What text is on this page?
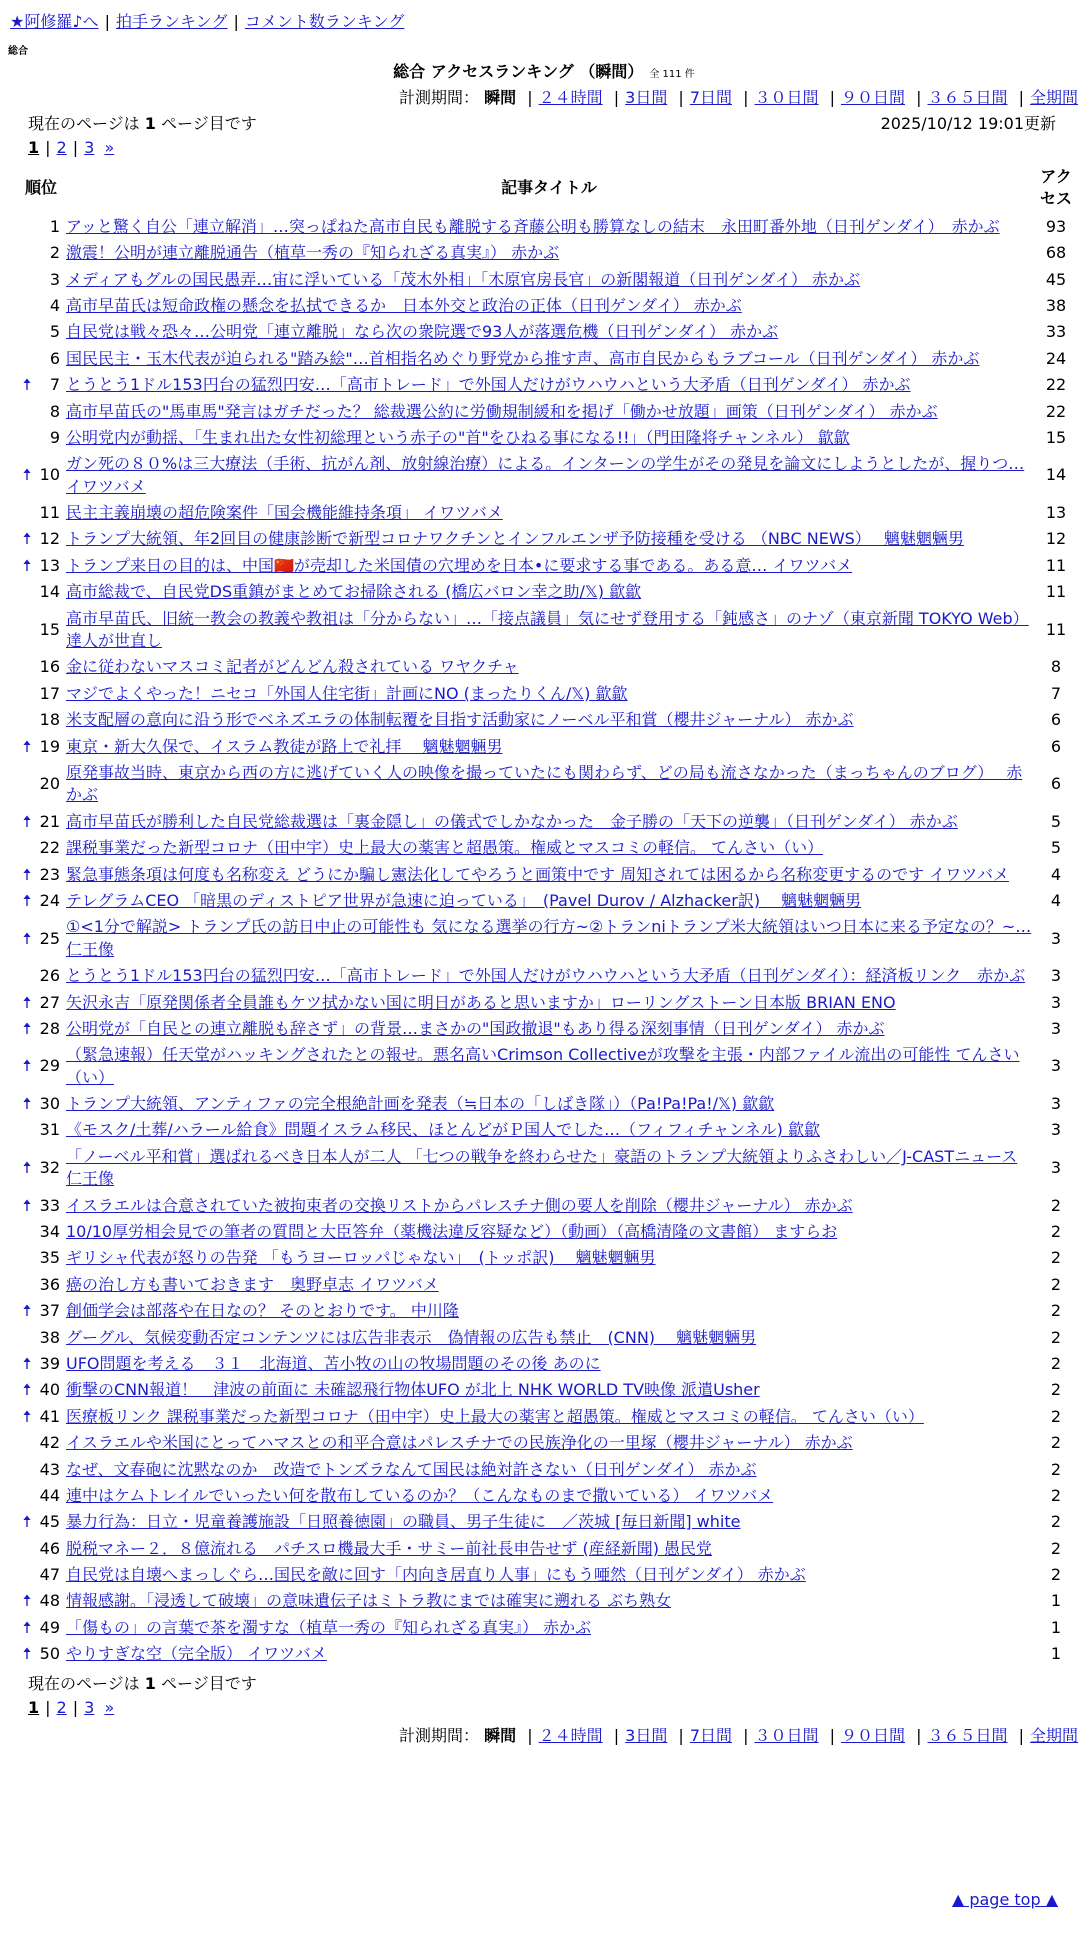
★阿修羅♪へ | 拍手ランキング | コメント数ランキング
総合
総合 アクセスランキング （瞬間） 全 111 件
計測期間： 瞬間 | ２４時間 | 3日間 | 7日間 | ３０日間 | ９０日間 | ３６５日間 | 全期間
現在のページは 1 ページ目です	2025/10/12 19:01更新
1 | 2 | 3 »
順位		記事タイトル	アクセス
	1	アッと驚く自公「連立解消」…突っぱねた高市自民も離脱する斉藤公明も勝算なしの結末　永田町番外地（日刊ゲンダイ）　赤かぶ	93
	2	激震！公明が連立離脱通告（植草一秀の『知られざる真実』） 赤かぶ	68
	3	メディアもグルの国民愚弄…宙に浮いている「茂木外相」「木原官房長官」の新閣報道（日刊ゲンダイ） 赤かぶ	45
	4	高市早苗氏は短命政権の懸念を払拭できるか　日本外交と政治の正体（日刊ゲンダイ） 赤かぶ	38
	5	自民党は戦々恐々…公明党「連立離脱」なら次の衆院選で93人が落選危機（日刊ゲンダイ） 赤かぶ	33
	6	国民民主・玉木代表が迫られる"踏み絵"…首相指名めぐり野党から推す声、高市自民からもラブコール（日刊ゲンダイ） 赤かぶ	24
🠅	7	とうとう1ドル153円台の猛烈円安…「高市トレード」で外国人だけがウハウハという大矛盾（日刊ゲンダイ） 赤かぶ	22
	8	高市早苗氏の"馬車馬"発言はガチだった？ 総裁選公約に労働規制緩和を掲げ「働かせ放題」画策（日刊ゲンダイ） 赤かぶ	22
	9	公明党内が動揺、「生まれ出た女性初総理という赤子の"首"をひねる事になる!!」（門田隆将チャンネル） 歙歙	15
🠅	10	ガン死の８０%は三大療法（手術、抗がん剤、放射線治療）による。インターンの学生がその発見を論文にしようとしたが、握りつ… イワツバメ	14
	11	民主主義崩壊の超危険案件「国会機能維持条項」 イワツバメ	13
🠅	12	トランプ大統領、年2回目の健康診断で新型コロナワクチンとインフルエンザ予防接種を受ける （NBC NEWS）　 魑魅魍魎男	12
🠅	13	トランプ来日の目的は、中国🇨🇳が売却した米国債の穴埋めを日本•に要求する事である。ある意… イワツバメ	11
	14	高市総裁で、自民党DS重鎮がまとめてお掃除される (橋広バロン幸之助/𝕏) 歙歙	11
	15	高市早苗氏、旧統一教会の教義や教祖は「分からない」…「接点議員」気にせず登用する「鈍感さ」のナゾ（東京新聞 TOKYO Web） 達人が世直し	11
	16	金に従わないマスコミ記者がどんどん殺されている ワヤクチャ	8
	17	マジでよくやった！ニセコ「外国人住宅街」計画にNO (まったりくん/𝕏) 歙歙	7
	18	米支配層の意向に沿う形でベネズエラの体制転覆を目指す活動家にノーベル平和賞（櫻井ジャーナル） 赤かぶ	6
🠅	19	東京・新大久保で、イスラム教徒が路上で礼拝　 魑魅魍魎男	6
	20	原発事故当時、東京から西の方に逃げていく人の映像を撮っていたにも関わらず、どの局も流さなかった（まっちゃんのブログ）　 赤かぶ	6
🠅	21	高市早苗氏が勝利した自民党総裁選は「裏金隠し」の儀式でしかなかった　金子勝の「天下の逆襲」（日刊ゲンダイ） 赤かぶ	5
	22	課税事業だった新型コロナ（田中宇）史上最大の薬害と超愚策。権威とマスコミの軽信。 てんさい（い）	5
🠅	23	緊急事態条項は何度も名称変え どうにか騙し憲法化してやろうと画策中です 周知されては困るから名称変更するのです イワツバメ	4
🠅	24	テレグラムCEO 「暗黒のディストピア世界が急速に迫っている」　(Pavel Durov / Alzhacker訳)　 魑魅魍魎男	4
🠅	25	①<1分で解説> トランプ氏の訪日中止の可能性も 気になる選挙の行方~②トランniトランプ米大統領はいつ日本に来る予定なの？~… 仁王像	3
	26	とうとう1ドル153円台の猛烈円安…「高市トレード」で外国人だけがウハウハという大矛盾（日刊ゲンダイ）：経済板リンク　赤かぶ	3
🠅	27	矢沢永吉「原発関係者全員誰もケツ拭かない国に明日があると思いますか」ローリングストーン日本版 BRIAN ENO	3
🠅	28	公明党が「自民との連立離脱も辞さず」の背景…まさかの"国政撤退"もあり得る深刻事情（日刊ゲンダイ） 赤かぶ	3
🠅	29	（緊急速報）任天堂がハッキングされたとの報せ。悪名高いCrimson Collectiveが攻撃を主張・内部ファイル流出の可能性 てんさい（い）	3
🠅	30	トランプ大統領、アンティファの完全根絶計画を発表（≒日本の「しばき隊」）（Pa!Pa!Pa!/𝕏) 歙歙	3
	31	《モスク/土葬/ハラール給食》問題イスラム移民、ほとんどがＰ国人でした…（フィフィチャンネル) 歙歙	3
🠅	32	「ノーベル平和賞」選ばれるべき日本人が二人 「七つの戦争を終わらせた」豪語のトランプ大統領よりふさわしい／J-CASTニュース 仁王像	3
🠅	33	イスラエルは合意されていた被拘束者の交換リストからパレスチナ側の要人を削除（櫻井ジャーナル） 赤かぶ	2
	34	10/10厚労相会見での筆者の質問と大臣答弁（薬機法違反容疑など）（動画）（高橋清隆の文書館） ますらお	2
	35	ギリシャ代表が怒りの告発 「もうヨーロッパじゃない」　(トッポ訳)　 魑魅魍魎男	2
	36	癌の治し方も書いておきます　奥野卓志 イワツバメ	2
🠅	37	創価学会は部落や在日なの？ そのとおりです。 中川隆	2
	38	グーグル、気候変動否定コンテンツには広告非表示　偽情報の広告も禁止　(CNN)　 魑魅魍魎男	2
🠅	39	UFO問題を考える　３１　北海道、苫小牧の山の牧場問題のその後 あのに	2
🠅	40	衝撃のCNN報道！　津波の前面に 未確認飛行物体UFO が北上 NHK WORLD TV映像 派遣Usher	2
🠅	41	医療板リンク 課税事業だった新型コロナ（田中宇）史上最大の薬害と超愚策。権威とマスコミの軽信。 てんさい（い）	2
	42	イスラエルや米国にとってハマスとの和平合意はパレスチナでの民族浄化の一里塚（櫻井ジャーナル） 赤かぶ	2
	43	なぜ、文春砲に沈黙なのか　改造でトンズラなんて国民は絶対許さない（日刊ゲンダイ） 赤かぶ	2
	44	連中はケムトレイルでいったい何を散布しているのか？（こんなものまで撒いている） イワツバメ	2
🠅	45	暴力行為：日立・児童養護施設「日照養徳園」の職員、男子生徒に　／茨城 [毎日新聞] white	2
	46	脱税マネー２．８億流れる　パチスロ機最大手・サミー前社長申告せず (産経新聞) 愚民党	2
	47	自民党は自壊へまっしぐら…国民を敵に回す「内向き居直り人事」にもう唖然（日刊ゲンダイ） 赤かぶ	2
🠅	48	情報感謝。「浸透して破壊」の意味遺伝子はミトラ教にまでは確実に遡れる ぶち熟女	1
🠅	49	「傷もの」の言葉で茶を濁すな（植草一秀の『知られざる真実』） 赤かぶ	1
🠅	50	やりすぎな空（完全版） イワツバメ	1
現在のページは 1 ページ目です
1 | 2 | 3 »
計測期間： 瞬間 | ２４時間 | 3日間 | 7日間 | ３０日間 | ９０日間 | ３６５日間 | 全期間
▲ page top ▲
